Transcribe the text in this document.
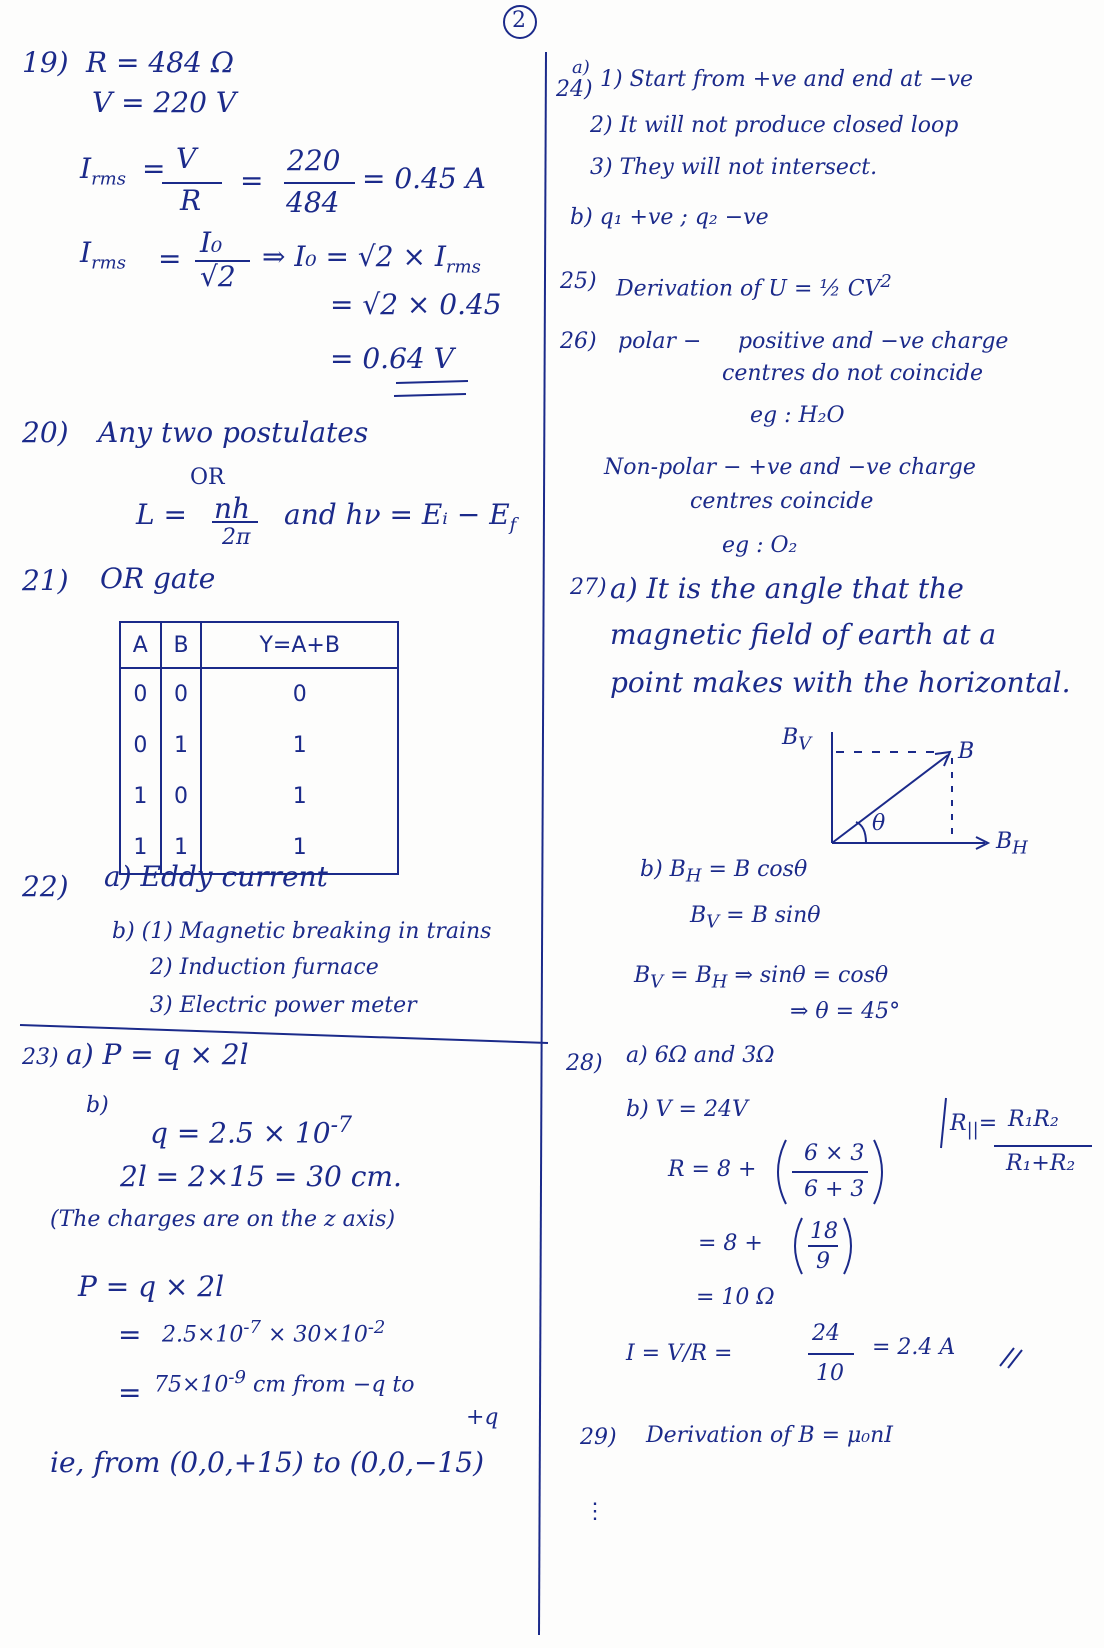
2
19) R = 484 Ω
V = 220 V
$I_{rms} = V$
R
=
220
484
= 0.45 A
$I_{rms} = I_0$
√2
⇒ $I_0 = √2 \times I_{rms}$
= √2 × 0.45
= 0.64 V
20) Any two postulates
OR
L = nh
2π
and hν = Eᵢ − $E_f$
21) OR gate
A	B	Y=A+B
0	0	0
0	1	1
1	0	1
1	1	1
22) a) Eddy current
b) (1) Magnetic breaking in trains
2) Induction furnace
3) Electric power meter
23) a) P = q × 2l
b)
$q = 2.5 \times 10^{-7}$
2l = 2×15 = 30 cm.
(The charges are on the z axis)
P = q × 2l
= $2.5\times 10^{-7} \times 30\times 10^{-2}$
= $75\times 10^{-9}$ cm from −q to
+q
ie, from (0,0,+15) to (0,0,−15)
24)
a) 1) Start from +ve and end at −ve
2) It will not produce closed loop
3) They will not intersect.
b) q₁ +ve ; q₂ −ve
25) Derivation of U = ½ $CV^2$
26) polar − positive and −ve charge
centres do not coincide
eg : H₂O
Non-polar − +ve and −ve charge
centres coincide
eg : O₂
27) a) It is the angle that the
magnetic field of earth at a
point makes with the horizontal.
$B_V$	B
θ
$B_H$
b) $B_H = B$ cosθ
$B_V = B$ sinθ
$B_V = B_H$ ⇒ sinθ = cosθ
⇒ θ = 45°
28) a) 6Ω and 3Ω
b) V = 24V
R = 8 +
6 × 3
6 + 3
= 8 + 18
9
= 10 Ω
I = V/R =
24
10
= 2.4 A
$R_{||}= R_1R_2$
R₁+R₂
29) Derivation of B = μ₀nI
⋮
